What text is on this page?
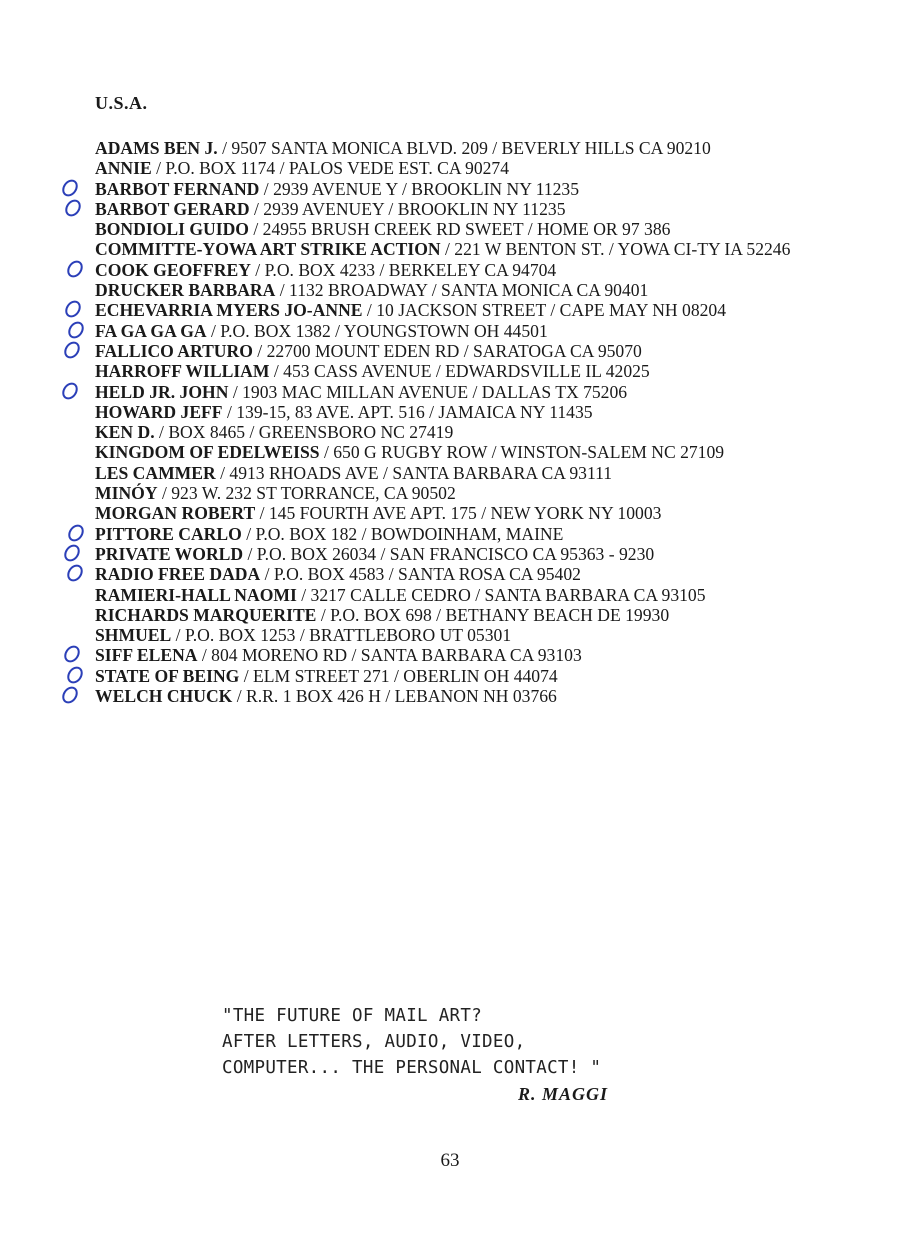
U.S.A.
ADAMS BEN J. / 9507 SANTA MONICA BLVD. 209 / BEVERLY HILLS CA 90210
ANNIE / P.O. BOX 1174 / PALOS VEDE EST. CA 90274
BARBOT FERNAND / 2939 AVENUE Y / BROOKLIN NY 11235
BARBOT GERARD / 2939 AVENUEY / BROOKLIN NY 11235
BONDIOLI GUIDO / 24955 BRUSH CREEK RD SWEET / HOME OR 97 386
COMMITTE-YOWA ART STRIKE ACTION / 221 W BENTON ST. / YOWA CI-TY IA 52246
COOK GEOFFREY / P.O. BOX 4233 / BERKELEY CA 94704
DRUCKER BARBARA / 1132 BROADWAY / SANTA MONICA CA 90401
ECHEVARRIA MYERS JO-ANNE / 10 JACKSON STREET / CAPE MAY NH 08204
FA GA GA GA / P.O. BOX 1382 / YOUNGSTOWN OH 44501
FALLICO ARTURO / 22700 MOUNT EDEN RD / SARATOGA CA 95070
HARROFF WILLIAM / 453 CASS AVENUE / EDWARDSVILLE IL 42025
HELD JR. JOHN / 1903 MAC MILLAN AVENUE / DALLAS TX 75206
HOWARD JEFF / 139-15, 83 AVE. APT. 516 / JAMAICA NY 11435
KEN D. / BOX 8465 / GREENSBORO NC 27419
KINGDOM OF EDELWEISS / 650 G RUGBY ROW / WINSTON-SALEM NC 27109
LES CAMMER / 4913 RHOADS AVE / SANTA BARBARA CA 93111
MINÓY / 923 W. 232 ST TORRANCE, CA 90502
MORGAN ROBERT / 145 FOURTH AVE APT. 175 / NEW YORK NY 10003
PITTORE CARLO / P.O. BOX 182 / BOWDOINHAM, MAINE
PRIVATE WORLD / P.O. BOX 26034 / SAN FRANCISCO CA 95363 - 9230
RADIO FREE DADA / P.O. BOX 4583 / SANTA ROSA CA 95402
RAMIERI-HALL NAOMI / 3217 CALLE CEDRO / SANTA BARBARA CA 93105
RICHARDS MARQUERITE / P.O. BOX 698 / BETHANY BEACH DE 19930
SHMUEL / P.O. BOX 1253 / BRATTLEBORO UT 05301
SIFF ELENA / 804 MORENO RD / SANTA BARBARA CA 93103
STATE OF BEING / ELM STREET 271 / OBERLIN OH 44074
WELCH CHUCK / R.R. 1 BOX 426 H / LEBANON NH 03766
"THE FUTURE OF MAIL ART?
AFTER LETTERS, AUDIO, VIDEO,
COMPUTER... THE PERSONAL CONTACT! "
R. MAGGI
63
